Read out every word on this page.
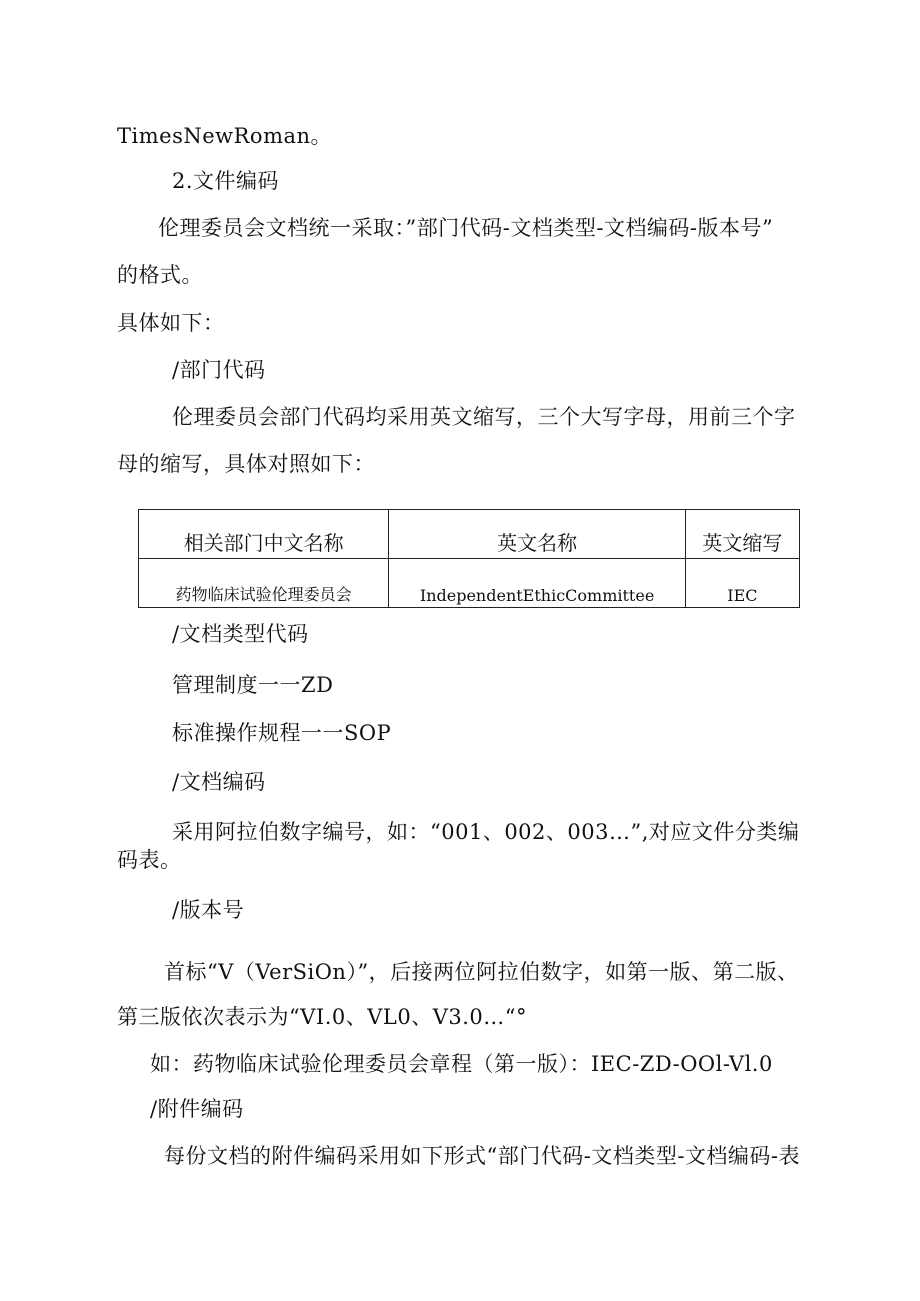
TimesNewRoman。
2.文件编码
伦理委员会文档统一采取：”部门代码-文档类型-文档编码-版本号”
的格式。
具体如下：
/部门代码
伦理委员会部门代码均采用英文缩写，三个大写字母，用前三个字
母的缩写，具体对照如下：
相关部门中文名称	英文名称	英文缩写
药物临床试验伦理委员会	IndependentEthicCommittee	IEC
/文档类型代码
管理制度一一ZD
标准操作规程一一SOP
/文档编码
采用阿拉伯数字编号，如：“001、002、003…”,对应文件分类编
码表。
/版本号
首标“V（VerSiOn）”，后接两位阿拉伯数字，如第一版、第二版、
第三版依次表示为“VI.0、VL0、V3.0…“°
如：药物临床试验伦理委员会章程（第一版）：IEC-ZD-OOl-Vl.0
/附件编码
每份文档的附件编码采用如下形式“部门代码-文档类型-文档编码-表
